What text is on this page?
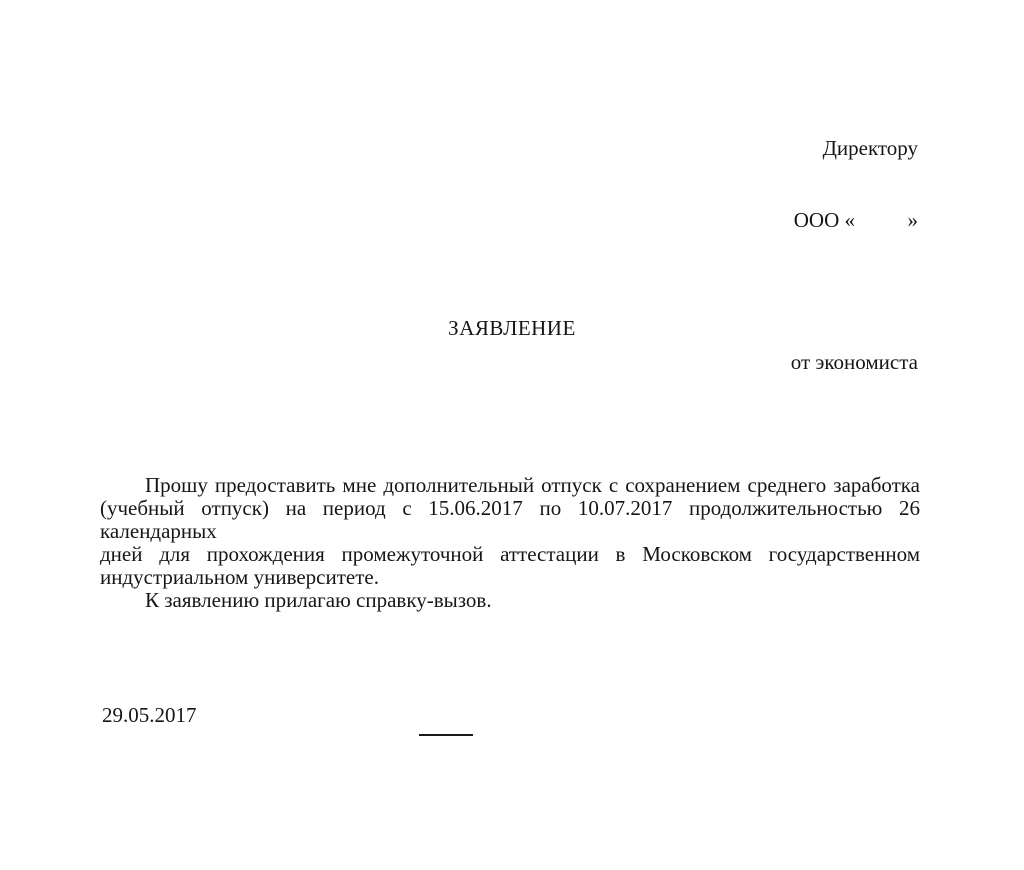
Директору

ООО «          »

от экономиста

ЗАЯВЛЕНИЕ
Прошу предоставить мне дополнительный отпуск с сохранением среднего заработка
(учебный отпуск) на период с 15.06.2017 по 10.07.2017 продолжительностью 26 календарных
дней для прохождения промежуточной аттестации в Московском государственном
индустриальном университете.
К заявлению прилагаю справку-вызов.
29.05.2017
